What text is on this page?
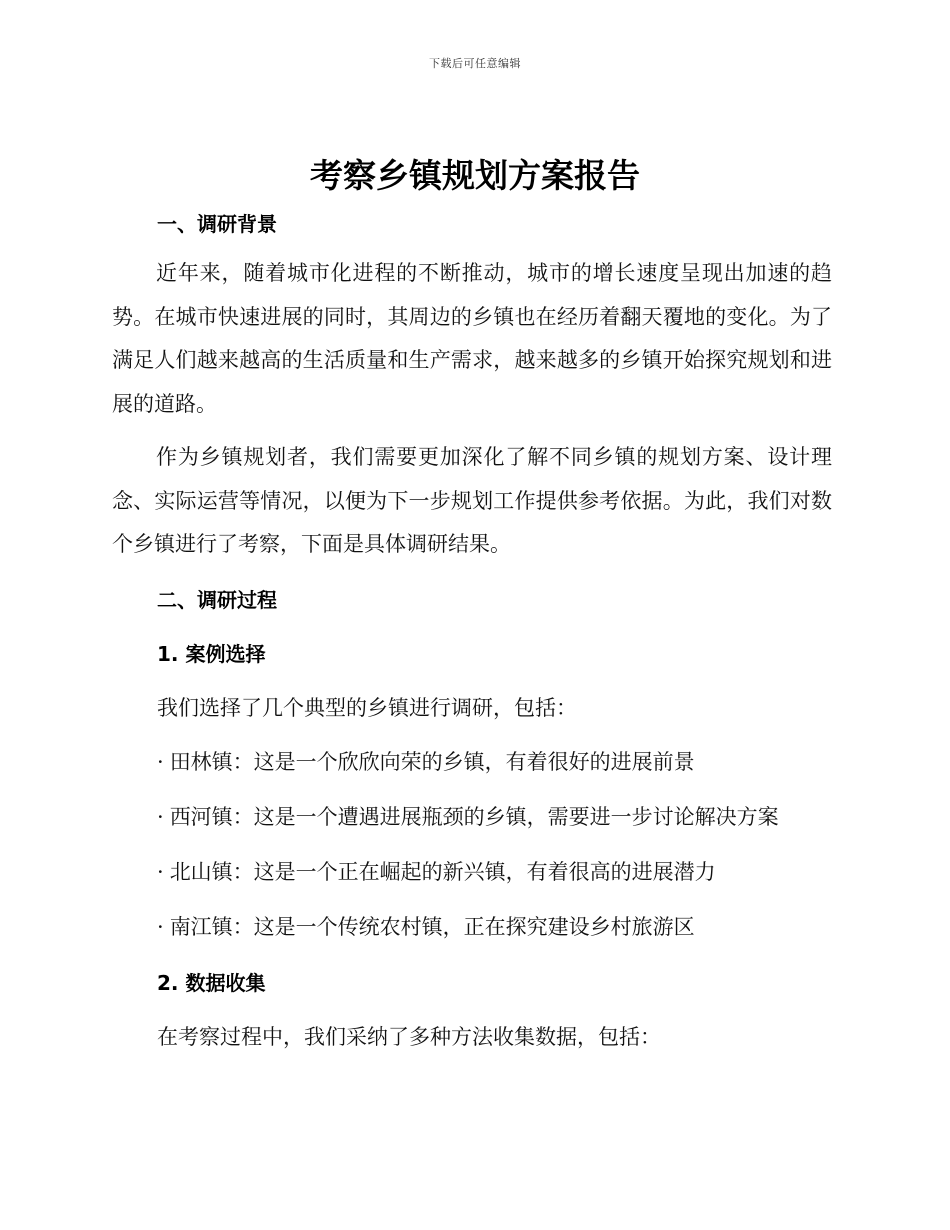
下载后可任意编辑
考察乡镇规划方案报告
一、调研背景
近年来，随着城市化进程的不断推动，城市的增长速度呈现出加速的趋势。在城市快速进展的同时，其周边的乡镇也在经历着翻天覆地的变化。为了满足人们越来越高的生活质量和生产需求，越来越多的乡镇开始探究规划和进展的道路。
作为乡镇规划者，我们需要更加深化了解不同乡镇的规划方案、设计理念、实际运营等情况，以便为下一步规划工作提供参考依据。为此，我们对数个乡镇进行了考察，下面是具体调研结果。
二、调研过程
1. 案例选择
我们选择了几个典型的乡镇进行调研，包括：
· 田林镇：这是一个欣欣向荣的乡镇，有着很好的进展前景
· 西河镇：这是一个遭遇进展瓶颈的乡镇，需要进一步讨论解决方案
· 北山镇：这是一个正在崛起的新兴镇，有着很高的进展潜力
· 南江镇：这是一个传统农村镇，正在探究建设乡村旅游区
2. 数据收集
在考察过程中，我们采纳了多种方法收集数据，包括：
